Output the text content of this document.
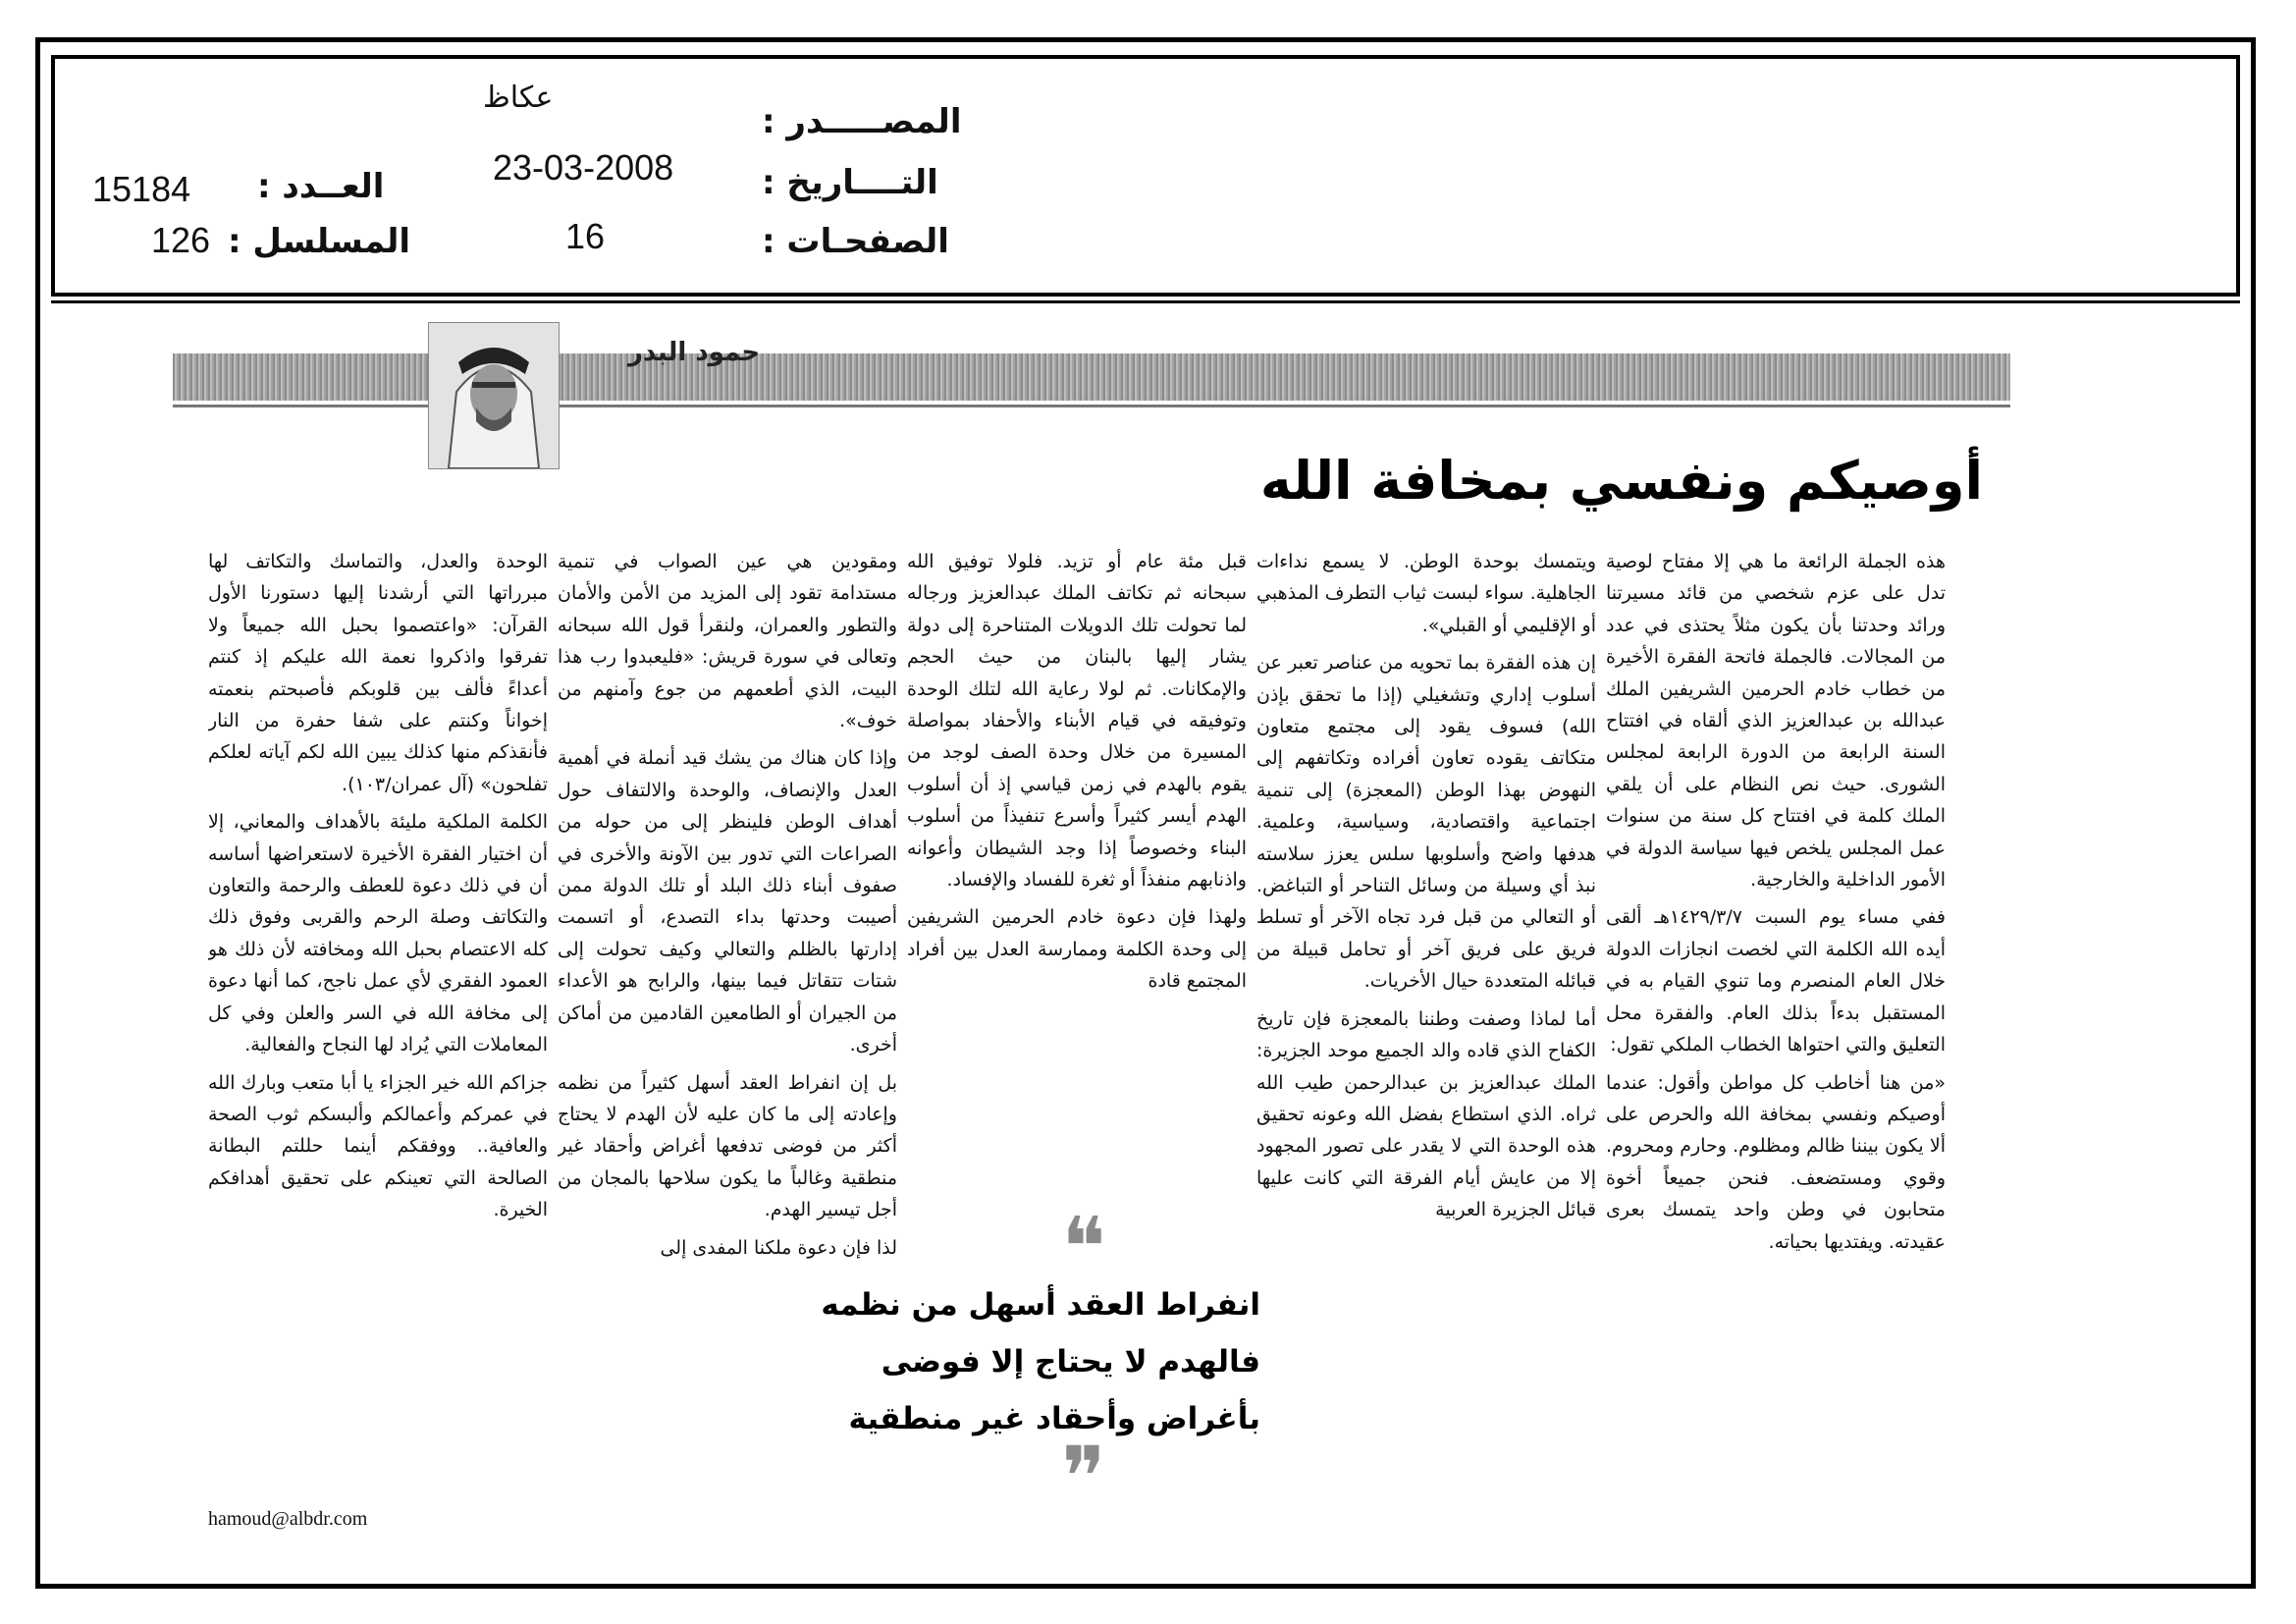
المصـــــدر :
عكاظ
التــــاريخ :
23-03-2008
الصفحـات :
16
العــدد :
15184
المسلسل :
126
حمود البدر
أوصيكم ونفسي بمخافة الله

هذه الجملة الرائعة ما هي إلا مفتاح لوصية تدل على عزم شخصي من قائد مسيرتنا ورائد وحدتنا بأن يكون مثلاً يحتذى في عدد من المجالات. فالجملة فاتحة الفقرة الأخيرة من خطاب خادم الحرمين الشريفين الملك عبدالله بن عبدالعزيز الذي ألقاه في افتتاح السنة الرابعة من الدورة الرابعة لمجلس الشورى. حيث نص النظام على أن يلقي الملك كلمة في افتتاح كل سنة من سنوات عمل المجلس يلخص فيها سياسة الدولة في الأمور الداخلية والخارجية.

ففي مساء يوم السبت ١٤٢٩/٣/٧هـ ألقى أيده الله الكلمة التي لخصت انجازات الدولة خلال العام المنصرم وما تنوي القيام به في المستقبل بدءاً بذلك العام. والفقرة محل التعليق والتي احتواها الخطاب الملكي تقول:

«من هنا أخاطب كل مواطن وأقول: عندما أوصيكم ونفسي بمخافة الله والحرص على ألا يكون بيننا ظالم ومظلوم. وحارم ومحروم. وقوي ومستضعف. فنحن جميعاً أخوة متحابون في وطن واحد يتمسك بعرى عقيدته. ويفتديها بحياته.

ويتمسك بوحدة الوطن. لا يسمع نداءات الجاهلية. سواء لبست ثياب التطرف المذهبي أو الإقليمي أو القبلي».

إن هذه الفقرة بما تحويه من عناصر تعبر عن أسلوب إداري وتشغيلي (إذا ما تحقق بإذن الله) فسوف يقود إلى مجتمع متعاون متكاتف يقوده تعاون أفراده وتكاتفهم إلى النهوض بهذا الوطن (المعجزة) إلى تنمية اجتماعية واقتصادية، وسياسية، وعلمية. هدفها واضح وأسلوبها سلس يعزز سلاسته نبذ أي وسيلة من وسائل التناحر أو التباغض. أو التعالي من قبل فرد تجاه الآخر أو تسلط فريق على فريق آخر أو تحامل قبيلة من قبائله المتعددة حيال الأخريات.

أما لماذا وصفت وطننا بالمعجزة فإن تاريخ الكفاح الذي قاده والد الجميع موحد الجزيرة: الملك عبدالعزيز بن عبدالرحمن طيب الله ثراه. الذي استطاع بفضل الله وعونه تحقيق هذه الوحدة التي لا يقدر على تصور المجهود إلا من عايش أيام الفرقة التي كانت عليها قبائل الجزيرة العربية

قبل مئة عام أو تزيد. فلولا توفيق الله سبحانه ثم تكاتف الملك عبدالعزيز ورجاله لما تحولت تلك الدويلات المتناحرة إلى دولة يشار إليها بالبنان من حيث الحجم والإمكانات. ثم لولا رعاية الله لتلك الوحدة وتوفيقه في قيام الأبناء والأحفاد بمواصلة المسيرة من خلال وحدة الصف لوجد من يقوم بالهدم في زمن قياسي إذ أن أسلوب الهدم أيسر كثيراً وأسرع تنفيذاً من أسلوب البناء وخصوصاً إذا وجد الشيطان وأعوانه واذنابهم منفذاً أو ثغرة للفساد والإفساد.

ولهذا فإن دعوة خادم الحرمين الشريفين إلى وحدة الكلمة وممارسة العدل بين أفراد المجتمع قادة

❝
انفراط العقد أسهل من نظمه
فالهدم لا يحتاج إلا فوضى
بأغراض وأحقاد غير منطقية
❞

ومقودين هي عين الصواب في تنمية مستدامة تقود إلى المزيد من الأمن والأمان والتطور والعمران، ولنقرأ قول الله سبحانه وتعالى في سورة قريش: «فليعبدوا رب هذا البيت، الذي أطعمهم من جوع وآمنهم من خوف».

وإذا كان هناك من يشك قيد أنملة في أهمية العدل والإنصاف، والوحدة والالتفاف حول أهداف الوطن فلينظر إلى من حوله من الصراعات التي تدور بين الآونة والأخرى في صفوف أبناء ذلك البلد أو تلك الدولة ممن أصيبت وحدتها بداء التصدع، أو اتسمت إدارتها بالظلم والتعالي وكيف تحولت إلى شتات تتقاتل فيما بينها، والرابح هو الأعداء من الجيران أو الطامعين القادمين من أماكن أخرى.

بل إن انفراط العقد أسهل كثيراً من نظمه وإعادته إلى ما كان عليه لأن الهدم لا يحتاج أكثر من فوضى تدفعها أغراض وأحقاد غير منطقية وغالباً ما يكون سلاحها بالمجان من أجل تيسير الهدم.

لذا فإن دعوة ملكنا المفدى إلى

الوحدة والعدل، والتماسك والتكاتف لها مبرراتها التي أرشدنا إليها دستورنا الأول القرآن: «واعتصموا بحبل الله جميعاً ولا تفرقوا واذكروا نعمة الله عليكم إذ كنتم أعداءً فألف بين قلوبكم فأصبحتم بنعمته إخواناً وكنتم على شفا حفرة من النار فأنقذكم منها كذلك يبين الله لكم آياته لعلكم تفلحون» (آل عمران/١٠٣).

الكلمة الملكية مليئة بالأهداف والمعاني، إلا أن اختيار الفقرة الأخيرة لاستعراضها أساسه أن في ذلك دعوة للعطف والرحمة والتعاون والتكاتف وصلة الرحم والقربى وفوق ذلك كله الاعتصام بحبل الله ومخافته لأن ذلك هو العمود الفقري لأي عمل ناجح، كما أنها دعوة إلى مخافة الله في السر والعلن وفي كل المعاملات التي يُراد لها النجاح والفعالية.

جزاكم الله خير الجزاء يا أبا متعب وبارك الله في عمركم وأعمالكم وألبسكم ثوب الصحة والعافية.. ووفقكم أينما حللتم البطانة الصالحة التي تعينكم على تحقيق أهدافكم الخيرة.

hamoud@albdr.com
